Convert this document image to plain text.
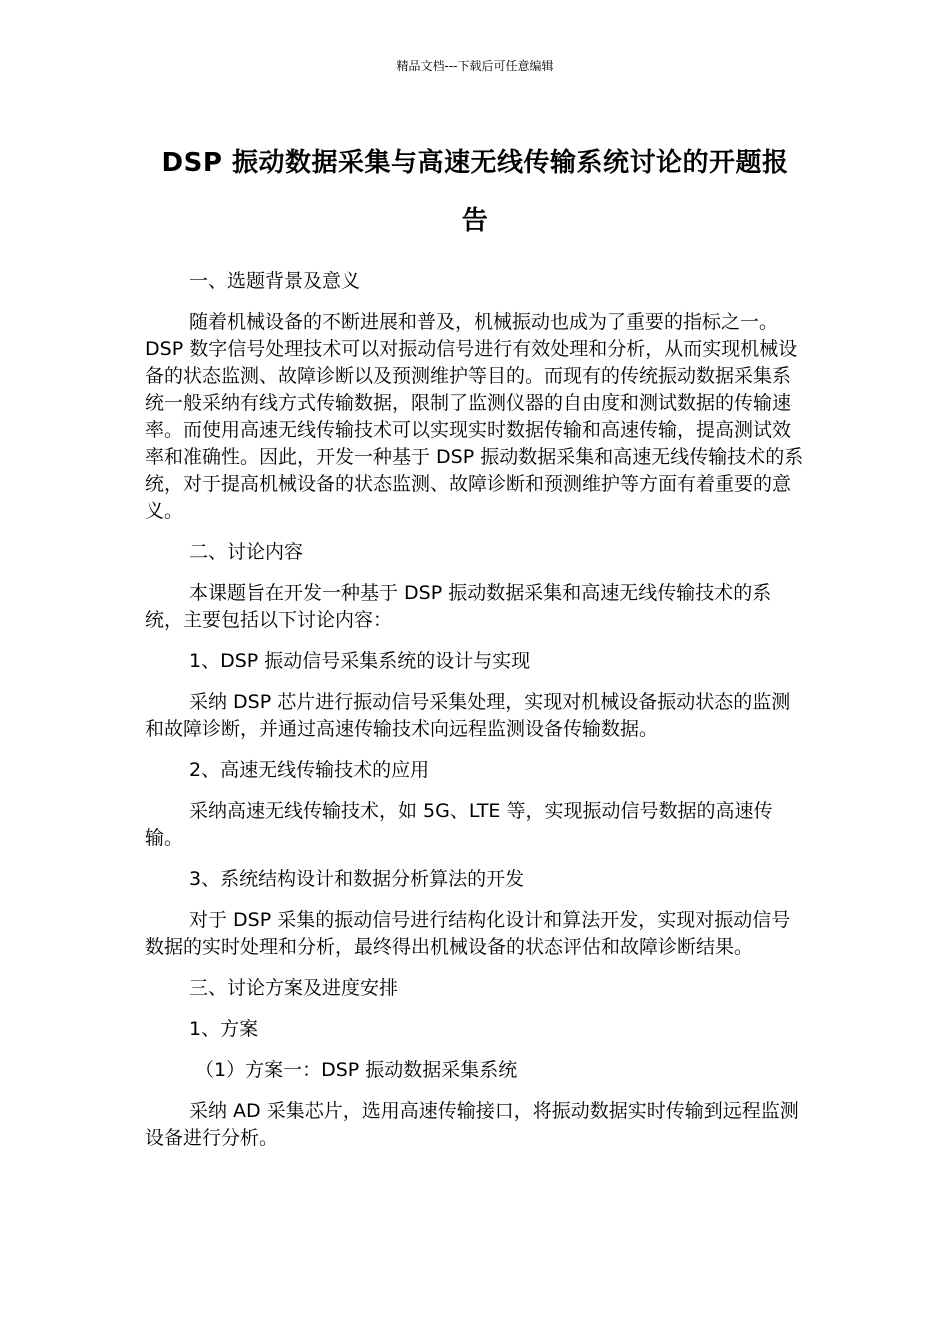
精品文档---下载后可任意编辑
DSP 振动数据采集与高速无线传输系统讨论的开题报告

一、选题背景及意义

随着机械设备的不断进展和普及，机械振动也成为了重要的指标之一。DSP 数字信号处理技术可以对振动信号进行有效处理和分析，从而实现机械设备的状态监测、故障诊断以及预测维护等目的。而现有的传统振动数据采集系统一般采纳有线方式传输数据，限制了监测仪器的自由度和测试数据的传输速率。而使用高速无线传输技术可以实现实时数据传输和高速传输，提高测试效率和准确性。因此，开发一种基于 DSP 振动数据采集和高速无线传输技术的系统，对于提高机械设备的状态监测、故障诊断和预测维护等方面有着重要的意义。

二、讨论内容

本课题旨在开发一种基于 DSP 振动数据采集和高速无线传输技术的系统，主要包括以下讨论内容：

1、DSP 振动信号采集系统的设计与实现

采纳 DSP 芯片进行振动信号采集处理，实现对机械设备振动状态的监测和故障诊断，并通过高速传输技术向远程监测设备传输数据。

2、高速无线传输技术的应用

采纳高速无线传输技术，如 5G、LTE 等，实现振动信号数据的高速传输。

3、系统结构设计和数据分析算法的开发

对于 DSP 采集的振动信号进行结构化设计和算法开发，实现对振动信号数据的实时处理和分析，最终得出机械设备的状态评估和故障诊断结果。

三、讨论方案及进度安排

1、方案

（1）方案一：DSP 振动数据采集系统

采纳 AD 采集芯片，选用高速传输接口，将振动数据实时传输到远程监测设备进行分析。
